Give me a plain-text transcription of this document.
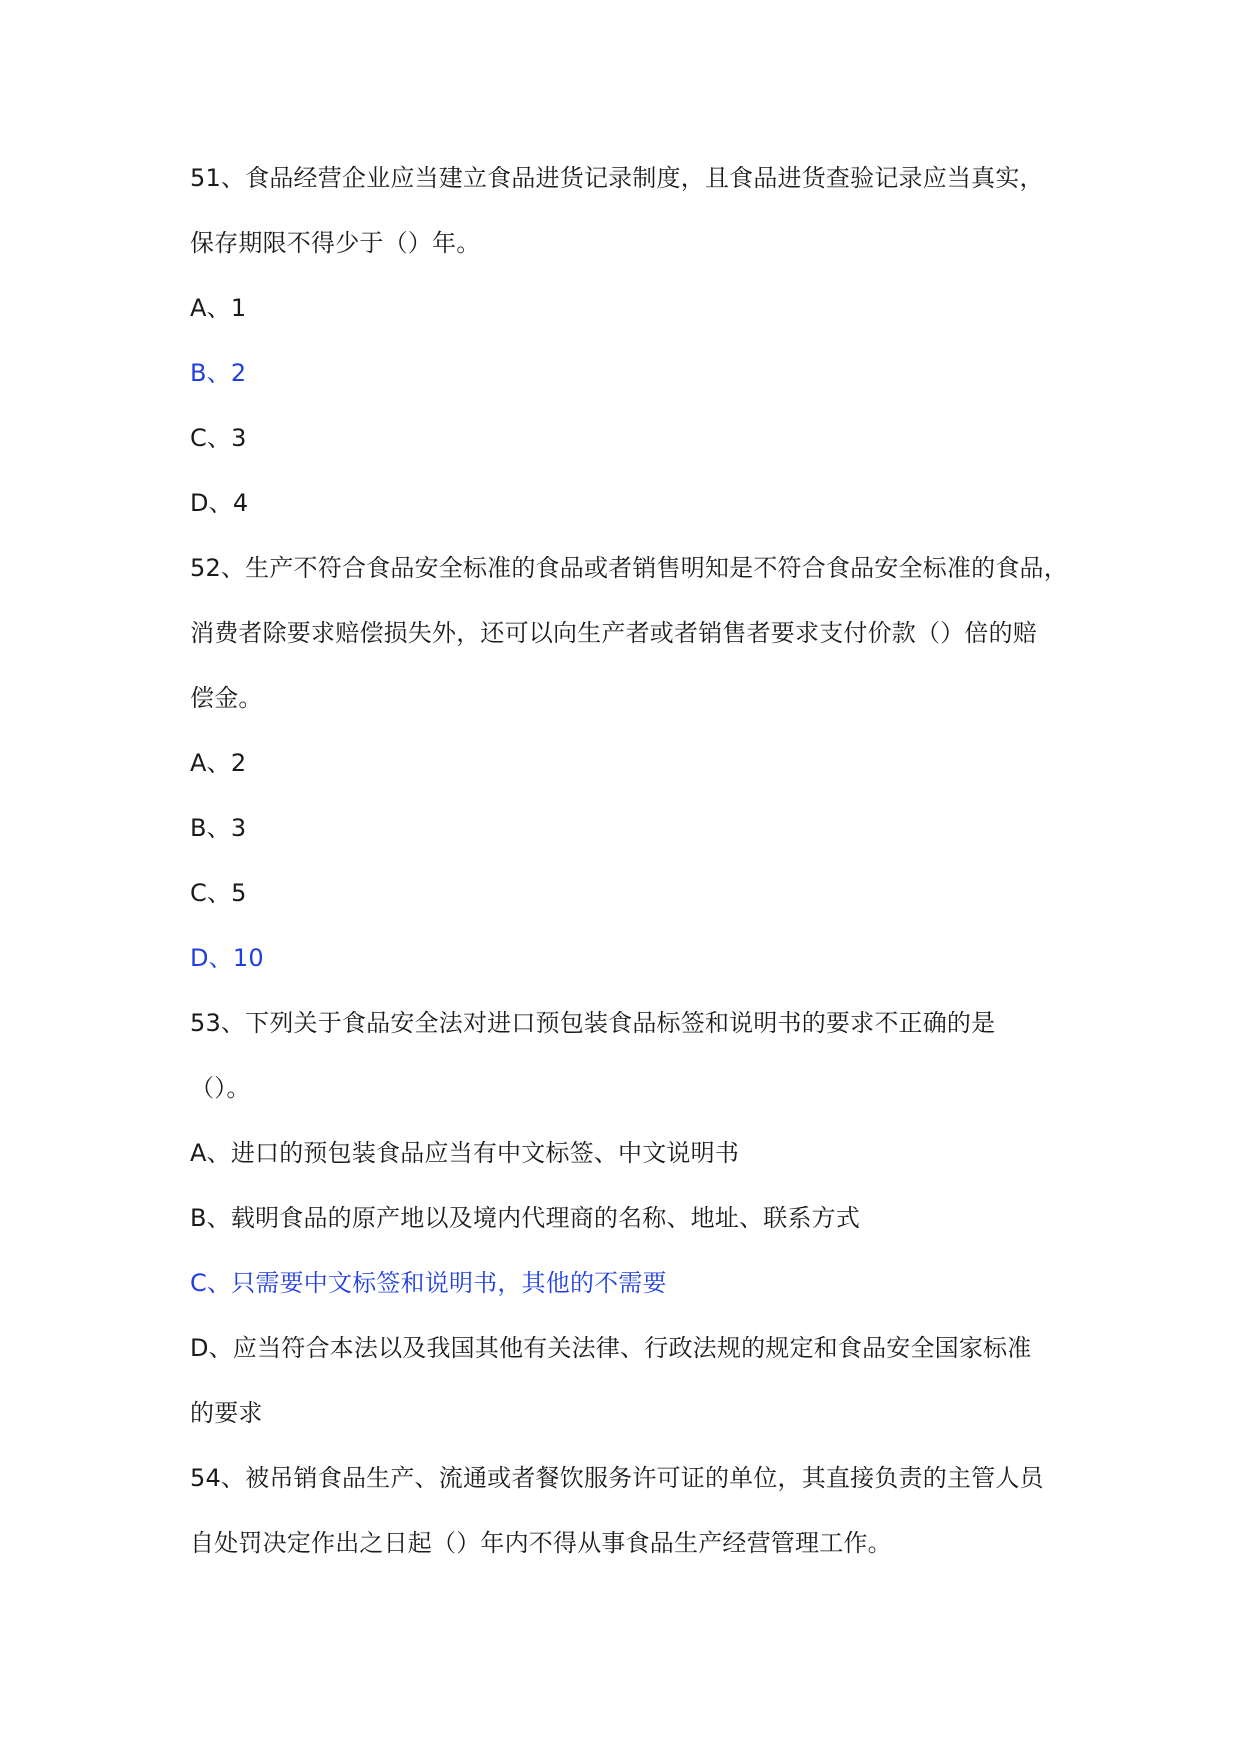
51、食品经营企业应当建立食品进货记录制度，且食品进货查验记录应当真实，
保存期限不得少于（）年。
A、1
B、2
C、3
D、4
52、生产不符合食品安全标准的食品或者销售明知是不符合食品安全标准的食品，
消费者除要求赔偿损失外，还可以向生产者或者销售者要求支付价款（）倍的赔
偿金。
A、2
B、3
C、5
D、10
53、下列关于食品安全法对进口预包装食品标签和说明书的要求不正确的是
（）。
A、进口的预包装食品应当有中文标签、中文说明书
B、载明食品的原产地以及境内代理商的名称、地址、联系方式
C、只需要中文标签和说明书，其他的不需要
D、应当符合本法以及我国其他有关法律、行政法规的规定和食品安全国家标准
的要求
54、被吊销食品生产、流通或者餐饮服务许可证的单位，其直接负责的主管人员
自处罚决定作出之日起（）年内不得从事食品生产经营管理工作。
